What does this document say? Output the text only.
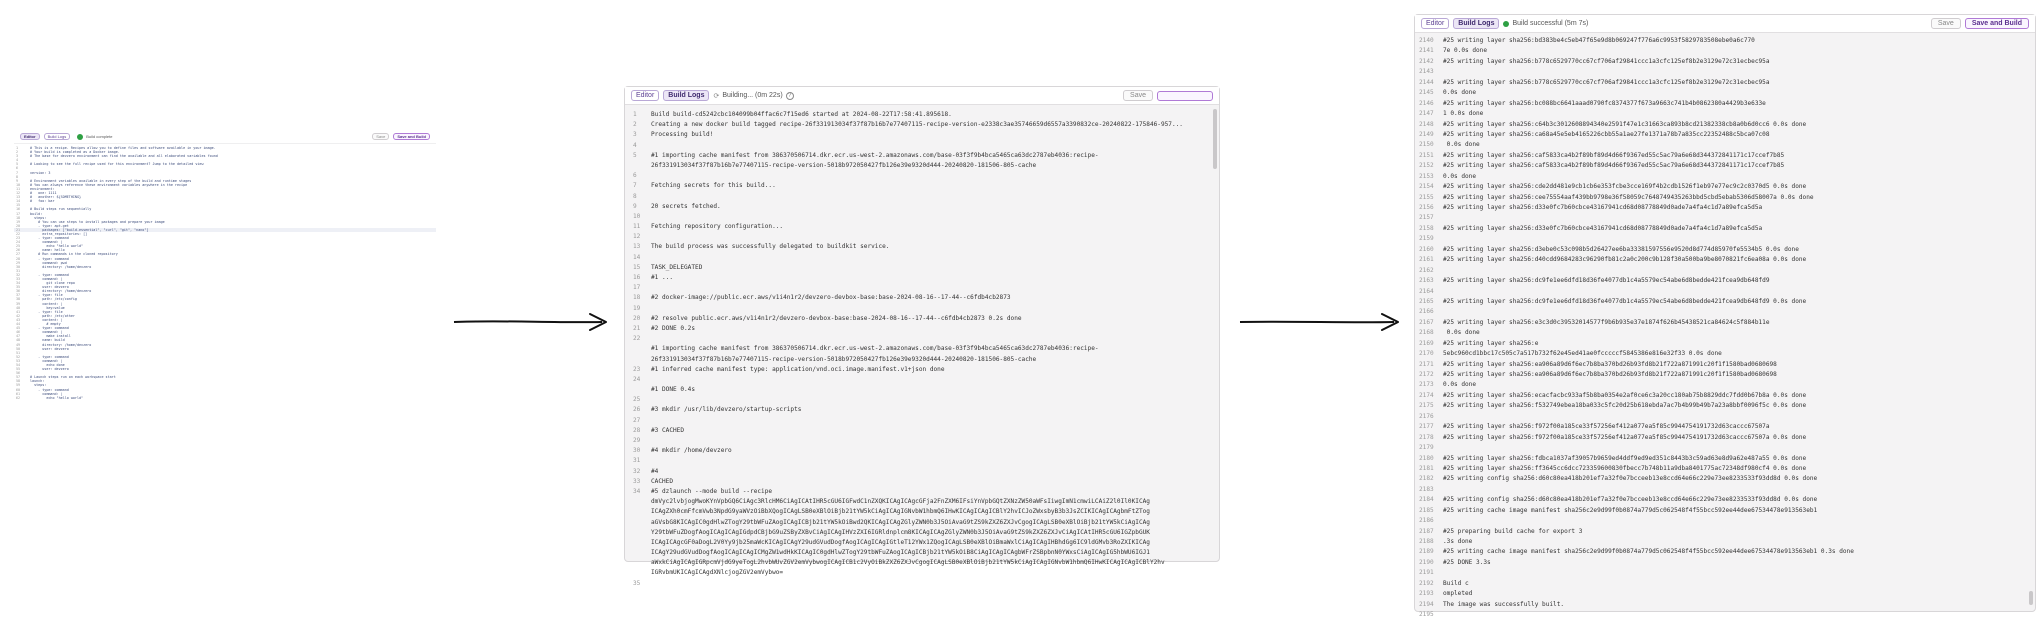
Editor	Build Logs	Build complete	Save	Save and Build
1	# This is a recipe. Recipes allow you to define files and software available in your image.
2	# Your build is completed as a Docker image.
3	# The base for devzero environment can find the available and all elaborated variables found
4
5	# Looking to see the full recipe used for this environment? Jump to the detailed view
6
7	version: 3
8
9	# Environment variables available in every step of the build and runtime stages
10	# You can always reference these environment variables anywhere in the recipe
11	environment:
12	#   one: 1111
13	#   another: ${SOMETHING}
14	#   foo: bar
15
16	# Build steps run sequentially
17	build:
18	steps:
19	# You can use steps to install packages and prepare your image
20	- type: apt-get
21	packages: ["build-essential", "curl", "git", "nano"]
22	extra_repositories: []
23	- type: command
24	command: |
25	echo "hello world"
26	name: hello
27	# Run commands in the cloned repository
28	- type: command
29	command: pwd
30	directory: /home/devzero
31
32	- type: command
33	command: |
34	git clone repo
35	user: devzero
36	directory: /home/devzero
37	- type: file
38	path: /etc/config
39	content: |
40	key=value
41	- type: file
42	path: /etc/other
43	content: |
44	# empty
45	- type: command
46	command: |
47	make install
48	name: build
49	directory: /home/devzero
50	user: devzero
51
52	- type: command
53	command: |
54	echo done
55	user: devzero
56
57	# Launch steps run on each workspace start
58	launch:
59	steps:
60	- type: command
61	command: |
62	echo "hello world"
Editor	Build Logs	⟳ Building... (0m 22s) ?	Save
1	Build build-cd5242cbc104099b04ffac6c7f15ed6 started at 2024-08-22T17:58:41.895618.
2	Creating a new docker build tagged recipe-26f331913034f37f87b16b7e77407115-recipe-version-e2338c3ae35746659d6557a3390832ce-20240822-175846-957...
3	Processing build!
4
5	#1 importing cache manifest from 386370506714.dkr.ecr.us-west-2.amazonaws.com/base-03f3f9b4bca5465ca63dc2787eb4036:recipe-
26f331913034f37f87b16b7e77407115-recipe-version-5018b972050427fb126e39e9320d444-20240820-181506-805-cache
6
7	Fetching secrets for this build...
8
9	20 secrets fetched.
10
11	Fetching repository configuration...
12
13	The build process was successfully delegated to buildkit service.
14
15	TASK_DELEGATED
16	#1 ...
17
18	#2 docker-image://public.ecr.aws/v1i4n1r2/devzero-devbox-base:base-2024-08-16--17-44--c6fdb4cb2873
19
20	#2 resolve public.ecr.aws/v1i4n1r2/devzero-devbox-base:base-2024-08-16--17-44--c6fdb4cb2873 0.2s done
21	#2 DONE 0.2s
22
#1 importing cache manifest from 386370506714.dkr.ecr.us-west-2.amazonaws.com/base-03f3f9b4bca5465ca63dc2787eb4036:recipe-
26f331913034f37f87b16b7e77407115-recipe-version-5018b972050427fb126e39e9320d444-20240820-181506-805-cache
23	#1 inferred cache manifest type: application/vnd.oci.image.manifest.v1+json done
24
#1 DONE 0.4s
25
26	#3 mkdir /usr/lib/devzero/startup-scripts
27
28	#3 CACHED
29
30	#4 mkdir /home/devzero
31
32	#4
33	CACHED
34	#5 dzlaunch --mode build --recipe
dmVyc2lvbjogMwoKYnVpbGQ6CiAgc3RlcHM6CiAgICAtIHR5cGU6IGFwdC1nZXQKICAgICAgcGFja2FnZXM6IFsiYnVpbGQtZXNzZW50aWFsIiwgImN1cmwiLCAiZ2l0Il0KICAg
ICAgZXh0cmFfcmVwb3NpdG9yaWVzOiBbXQogICAgLSB0eXBlOiBjb21tYW5kCiAgICAgIGNvbW1hbmQ6IHwKICAgICAgICBlY2hvICJoZWxsbyB3b3JsZCIKICAgICAgbmFtZTog
aGVsbG8KICAgIC0gdHlwZTogY29tbWFuZAogICAgICBjb21tYW5kOiBwd2QKICAgICAgZGlyZWN0b3J5OiAvaG9tZS9kZXZ6ZXJvCgogICAgLSB0eXBlOiBjb21tYW5kCiAgICAg
Y29tbWFuZDogfAogICAgICAgIGdpdCBjbG9uZSByZXBvCiAgICAgIHVzZXI6IGRldnplcm8KICAgICAgZGlyZWN0b3J5OiAvaG9tZS9kZXZ6ZXJvCiAgICAtIHR5cGU6IGZpbGUK
ICAgICAgcGF0aDogL2V0Yy9jb25maWcKICAgICAgY29udGVudDogfAogICAgICAgIGtleT12YWx1ZQogICAgLSB0eXBlOiBmaWxlCiAgICAgIHBhdGg6IC9ldGMvb3RoZXIKICAg
ICAgY29udGVudDogfAogICAgICAgICMgZW1wdHkKICAgIC0gdHlwZTogY29tbWFuZAogICAgICBjb21tYW5kOiB8CiAgICAgICAgbWFrZSBpbnN0YWxsCiAgICAgIG5hbWU6IGJ1
aWxkCiAgICAgIGRpcmVjdG9yeTogL2hvbWUvZGV2emVybwogICAgICB1c2VyOiBkZXZ6ZXJvCgogICAgLSB0eXBlOiBjb21tYW5kCiAgICAgIGNvbW1hbmQ6IHwKICAgICAgICBlY2hv
IGRvbmUKICAgICAgdXNlcjogZGV2emVybwo=
35
Editor	Build Logs	Build successful (5m 7s)	Save	Save and Build
2140	#25 writing layer sha256:bd383be4c5eb47f65e9d8b069247f776a6c9953f5829783508ebe0a6c770
2141	7e 0.0s done
2142	#25 writing layer sha256:b778c6529770cc67cf706af29841ccc1a3cfc125ef8b2e3129e72c31ecbec95a
2143
2144	#25 writing layer sha256:b778c6529770cc67cf706af29841ccc1a3cfc125ef8b2e3129e72c31ecbec95a
2145	0.0s done
2146	#25 writing layer sha256:bc088bc6641aaad0790fc8374377f673a9663c741b4b0862380a4429b3e633e
2147	1 0.0s done
2148	#25 writing layer sha256:c64b3c3012608894340e2591f47e1c31663ca893b8cd21382338cb8a0b6d0cc6 0.0s done
2149	#25 writing layer sha256:ca68a45e5eb4165226cbb55a1ae27fe1371a78b7a835cc22352488c5bca07c08
2150	0.0s done
2151	#25 writing layer sha256:caf5833ca4b2f89bf89d4d66f9367ed55c5ac79a6e68d344372841171c17ccef7b85
2152	#25 writing layer sha256:caf5833ca4b2f89bf89d4d66f9367ed55c5ac79a6e68d344372841171c17ccef7b85
2153	0.0s done
2154	#25 writing layer sha256:cde2dd481e9cb1cb6e353fcbe3cce169f4b2cdb1526f1eb97e77ec9c2c0370d5 0.0s done
2155	#25 writing layer sha256:cee75554aaf439bb9798e36f58059c7648749435263bbd5cbd5ebab5306d58007a 0.0s done
2156	#25 writing layer sha256:d33e0fc7b60cbce43167941cd68d08778849d0ade7a4fa4c1d7a89efca5d5a
2157
2158	#25 writing layer sha256:d33e0fc7b60cbce43167941cd68d08778849d0ade7a4fa4c1d7a89efca5d5a
2159
2160	#25 writing layer sha256:d3ebe0c53c098b5d26427ee6ba33381597556e9520d8d774d85970fe5534b5 0.0s done
2161	#25 writing layer sha256:d40cdd9684283c96290fb81c2a0c200c9b128f30a500ba9be8070821fc6ea08a 0.0s done
2162
2163	#25 writing layer sha256:dc9fe1ee6dfd18d36fe4077db1c4a5579ec54abe6d8bedde421fcea9db648fd9
2164
2165	#25 writing layer sha256:dc9fe1ee6dfd18d36fe4077db1c4a5579ec54abe6d8bedde421fcea9db648fd9 0.0s done
2166
2167	#25 writing layer sha256:e3c3d0c39532014577f9b6b935e37e1874f626b45438521ca84624c5f884b11e
2168	0.0s done
2169	#25 writing layer sha256:e
2170	5ebc960cd1bbc17c505c7a517b732f62e45ed41ae0fcccccf5845386e816e32f33 0.0s done
2171	#25 writing layer sha256:ea906a89d6f6ec7b8ba370bd26b93fd8b21f722a871991c20f1f1580bad0680698
2172	#25 writing layer sha256:ea906a89d6f6ec7b8ba370bd26b93fd8b21f722a871991c20f1f1580bad0680698
2173	0.0s done
2174	#25 writing layer sha256:ecacfacbc933af5b8ba0354e2af0ce6c3a20cc180ab75b8829ddc7fdd0b67b8a 0.0s done
2175	#25 writing layer sha256:f532749ebea18ba033c5fc20d25b618ebda7ac7b4b99b49b7a23a8bbf0096f5c 0.0s done
2176
2177	#25 writing layer sha256:f972f00a185ce33f57256ef412a077ea5f85c9944754191732d63caccc67507a
2178	#25 writing layer sha256:f972f00a185ce33f57256ef412a077ea5f85c9944754191732d63caccc67507a 0.0s done
2179
2180	#25 writing layer sha256:fdbca1037af39057b9659ed4ddf9ed9ed351c8443b3c59ad63e8d9a62e487a55 0.0s done
2181	#25 writing layer sha256:ff3645cc6dcc723359600830fbecc7b748b11a9dba8401775ac72348df980cf4 0.0s done
2182	#25 writing config sha256:d60c80ea418b201ef7a32f0e7bcceeb13e8ccd64e66c229e73ee8233533f93dd8d 0.0s done
2183
2184	#25 writing config sha256:d60c80ea418b201ef7a32f0e7bcceeb13e8ccd64e66c229e73ee8233533f93dd8d 0.0s done
2185	#25 writing cache image manifest sha256c2e9d99f0b0874a779d5c062548f4f55bcc592ee44dee67534478e913563eb1
2186
2187	#25 preparing build cache for export 3
2188	.3s done
2189	#25 writing cache image manifest sha256c2e9d99f0b0874a779d5c062548f4f55bcc592ee44dee67534478e913563eb1 0.3s done
2190	#25 DONE 3.3s
2191
2192	Build c
2193	ompleted
2194	The image was successfully built.
2195
